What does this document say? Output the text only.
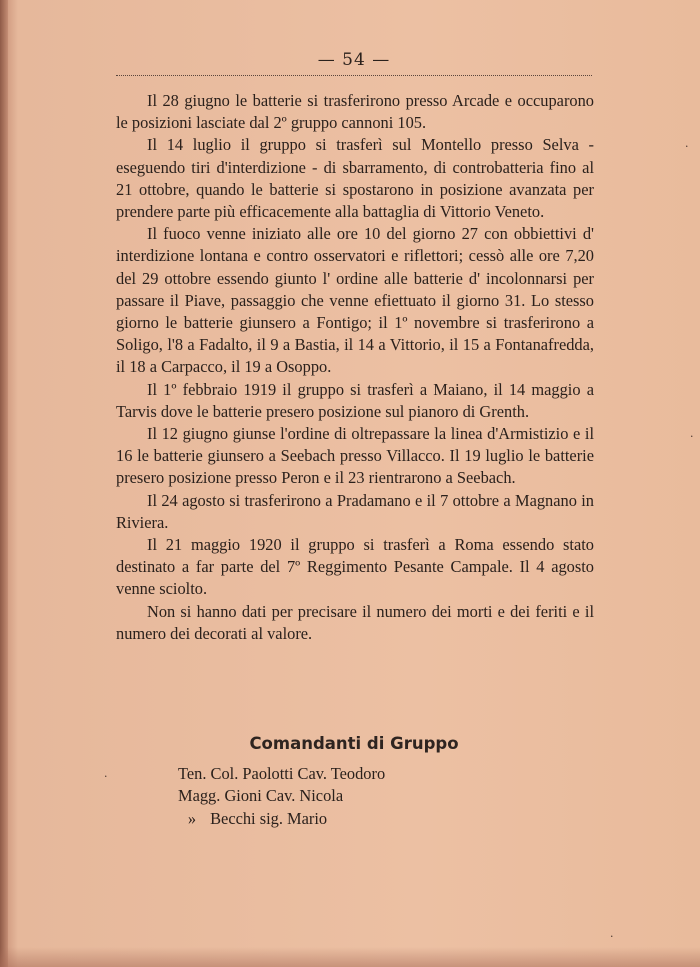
— 54 —

Il 28 giugno le batterie si trasferirono presso Arcade e occuparono le posizioni lasciate dal 2º gruppo cannoni 105.

Il 14 luglio il gruppo si trasferì sul Montello presso Selva - eseguendo tiri d'interdizione - di sbarramento, di controbatteria fino al 21 ottobre, quando le batterie si spostarono in posizione avanzata per prendere parte più efficacemente alla battaglia di Vittorio Veneto.

Il fuoco venne iniziato alle ore 10 del giorno 27 con obbiettivi d' interdizione lontana e contro osservatori e riflettori; cessò alle ore 7,20 del 29 ottobre essendo giunto l' ordine alle batterie d' incolonnarsi per passare il Piave, passaggio che venne efiettuato il giorno 31. Lo stesso giorno le batterie giunsero a Fontigo; il 1º novembre si trasferirono a Soligo, l'8 a Fadalto, il 9 a Bastia, il 14 a Vittorio, il 15 a Fontanafredda, il 18 a Carpacco, il 19 a Osoppo.

Il 1º febbraio 1919 il gruppo si trasferì a Maiano, il 14 maggio a Tarvis dove le batterie presero posizione sul pianoro di Grenth.

Il 12 giugno giunse l'ordine di oltrepassare la linea d'Armistizio e il 16 le batterie giunsero a Seebach presso Villacco. Il 19 luglio le batterie presero posizione presso Peron e il 23 rientrarono a Seebach.

Il 24 agosto si trasferirono a Pradamano e il 7 ottobre a Magnano in Riviera.

Il 21 maggio 1920 il gruppo si trasferì a Roma essendo stato destinato a far parte del 7º Reggimento Pesante Campale. Il 4 agosto venne sciolto.

Non si hanno dati per precisare il numero dei morti e dei feriti e il numero dei decorati al valore.

Comandanti di Gruppo
Ten. Col. Paolotti Cav. Teodoro
Magg. Gioni Cav. Nicola
» Becchi sig. Mario
·
·
·
·
